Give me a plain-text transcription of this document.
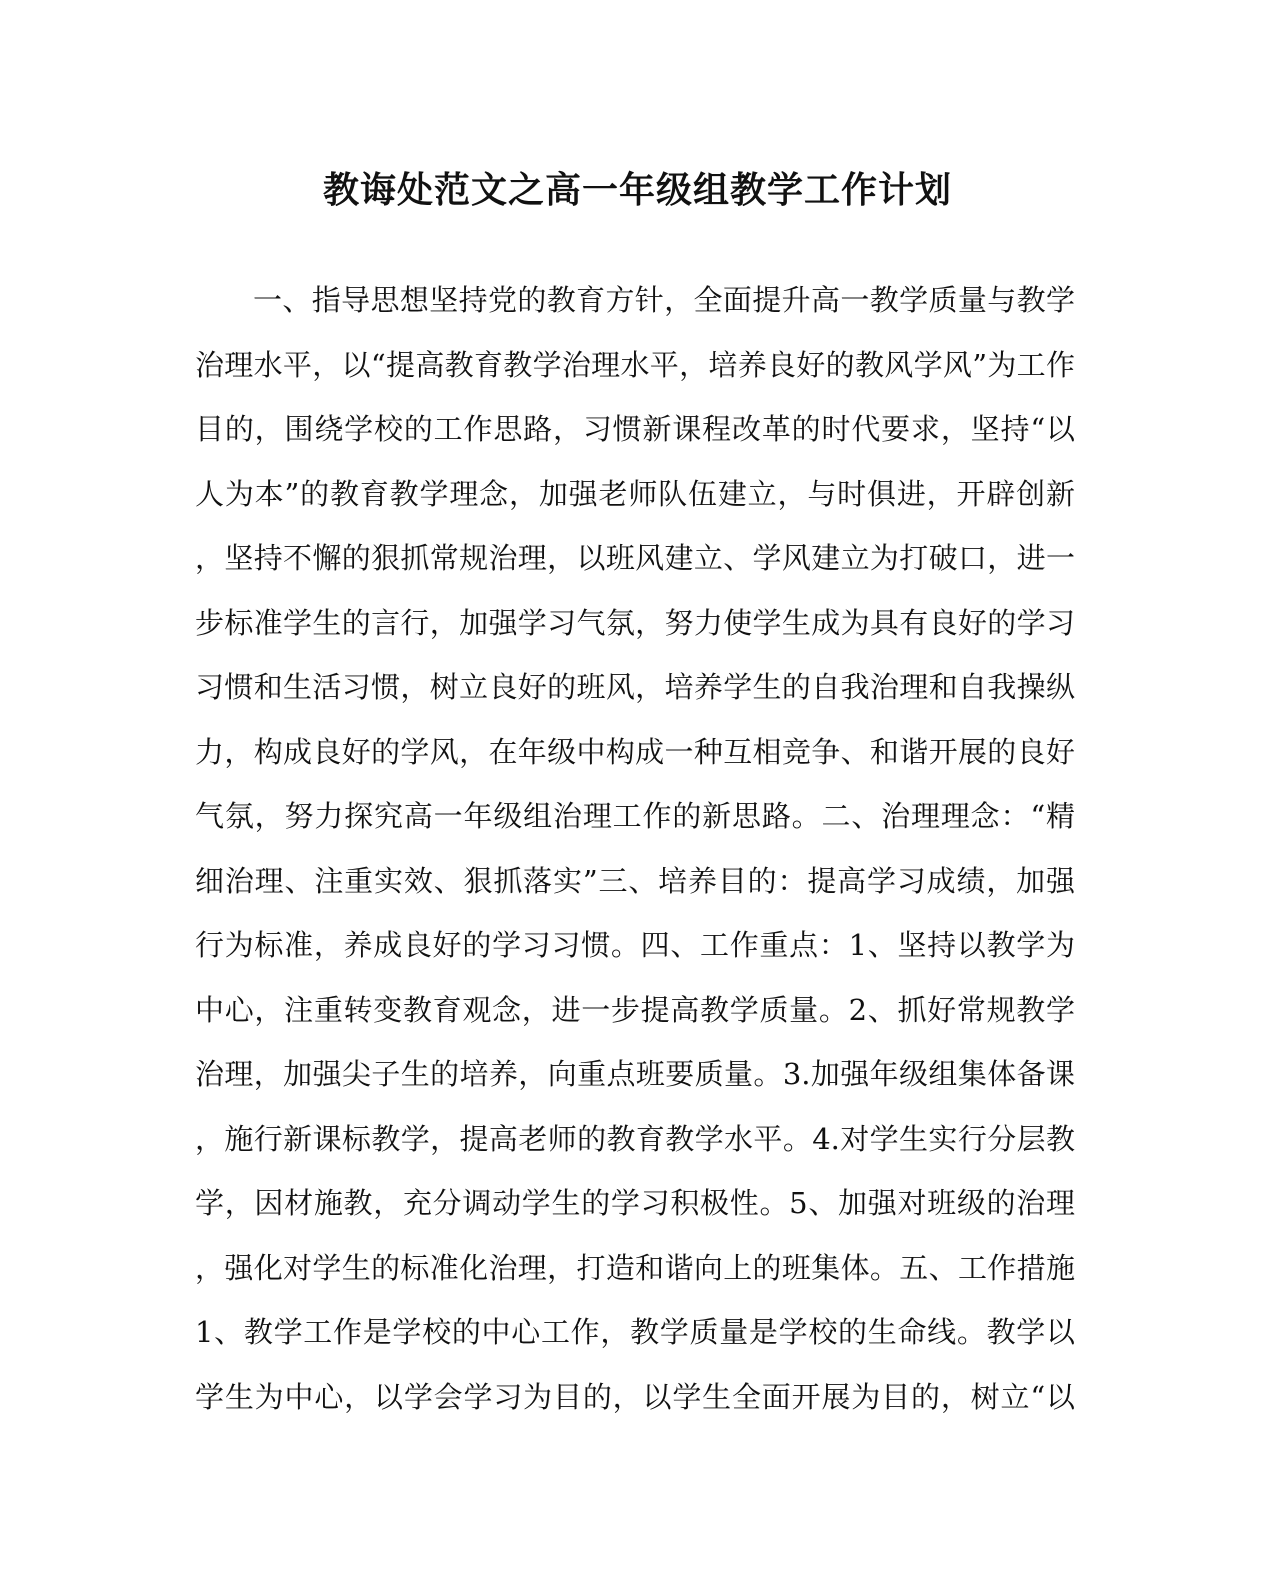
教诲处范文之高一年级组教学工作计划
一、指导思想坚持党的教育方针，全面提升高一教学质量与教学
治理水平，以“提高教育教学治理水平，培养良好的教风学风”为工作
目的，围绕学校的工作思路，习惯新课程改革的时代要求，坚持“以
人为本”的教育教学理念，加强老师队伍建立，与时俱进，开辟创新
，坚持不懈的狠抓常规治理，以班风建立、学风建立为打破口，进一
步标准学生的言行，加强学习气氛，努力使学生成为具有良好的学习
习惯和生活习惯，树立良好的班风，培养学生的自我治理和自我操纵
力，构成良好的学风，在年级中构成一种互相竞争、和谐开展的良好
气氛，努力探究高一年级组治理工作的新思路。二、治理理念：“精
细治理、注重实效、狠抓落实”三、培养目的：提高学习成绩，加强
行为标准，养成良好的学习习惯。四、工作重点：1、坚持以教学为
中心，注重转变教育观念，进一步提高教学质量。2、抓好常规教学
治理，加强尖子生的培养，向重点班要质量。3.加强年级组集体备课
，施行新课标教学，提高老师的教育教学水平。4.对学生实行分层教
学，因材施教，充分调动学生的学习积极性。5、加强对班级的治理
，强化对学生的标准化治理，打造和谐向上的班集体。五、工作措施
1、教学工作是学校的中心工作，教学质量是学校的生命线。教学以
学生为中心，以学会学习为目的，以学生全面开展为目的，树立“以
